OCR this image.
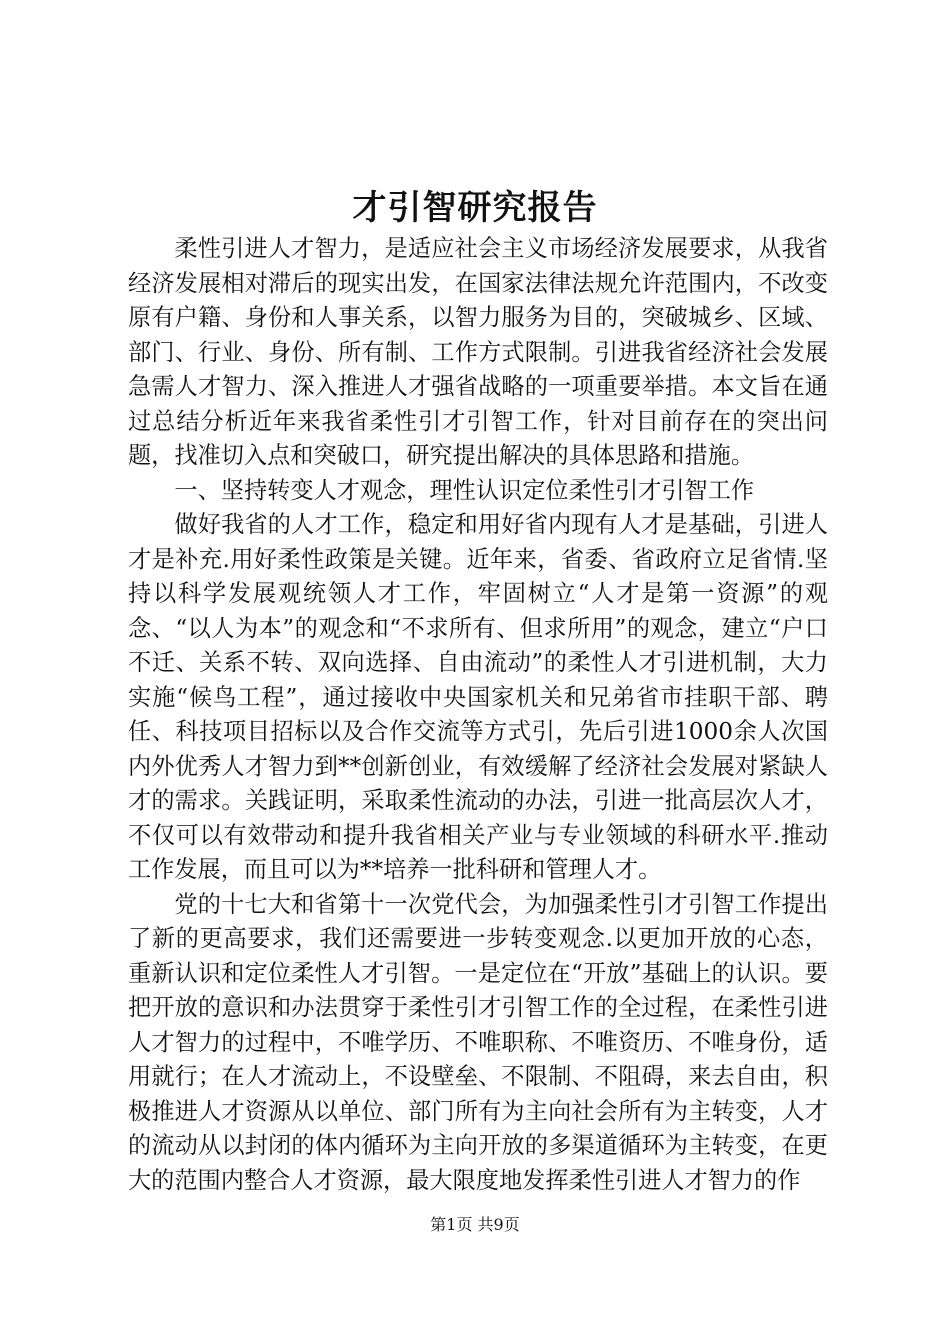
才引智研究报告

柔性引进人才智力，是适应社会主义市场经济发展要求，从我省经济发展相对滞后的现实出发，在国家法律法规允许范围内，不改变原有户籍、身份和人事关系，以智力服务为目的，突破城乡、区域、部门、行业、身份、所有制、工作方式限制。引进我省经济社会发展急需人才智力、深入推进人才强省战略的一项重要举措。本文旨在通过总结分析近年来我省柔性引才引智工作，针对目前存在的突出问题，找准切入点和突破口，研究提出解决的具体思路和措施。

一、坚持转变人才观念，理性认识定位柔性引才引智工作

做好我省的人才工作，稳定和用好省内现有人才是基础，引进人才是补充.用好柔性政策是关键。近年来，省委、省政府立足省情.坚持以科学发展观统领人才工作，牢固树立“人才是第一资源”的观念、“以人为本”的观念和“不求所有、但求所用”的观念，建立“户口不迁、关系不转、双向选择、自由流动”的柔性人才引进机制，大力实施“候鸟工程”，通过接收中央国家机关和兄弟省市挂职干部、聘任、科技项目招标以及合作交流等方式引，先后引进1000余人次国内外优秀人才智力到**创新创业，有效缓解了经济社会发展对紧缺人才的需求。关践证明，采取柔性流动的办法，引进一批高层次人才，不仅可以有效带动和提升我省相关产业与专业领域的科研水平.推动工作发展，而且可以为**培养一批科研和管理人才。

党的十七大和省第十一次党代会，为加强柔性引才引智工作提出了新的更高要求，我们还需要进一步转变观念.以更加开放的心态，重新认识和定位柔性人才引智。一是定位在“开放”基础上的认识。要把开放的意识和办法贯穿于柔性引才引智工作的全过程，在柔性引进人才智力的过程中，不唯学历、不唯职称、不唯资历、不唯身份，适用就行；在人才流动上，不设壁垒、不限制、不阻碍，来去自由，积极推进人才资源从以单位、部门所有为主向社会所有为主转变，人才的流动从以封闭的体内循环为主向开放的多渠道循环为主转变，在更大的范围内整合人才资源，最大限度地发挥柔性引进人才智力的作

第1页 共9页
